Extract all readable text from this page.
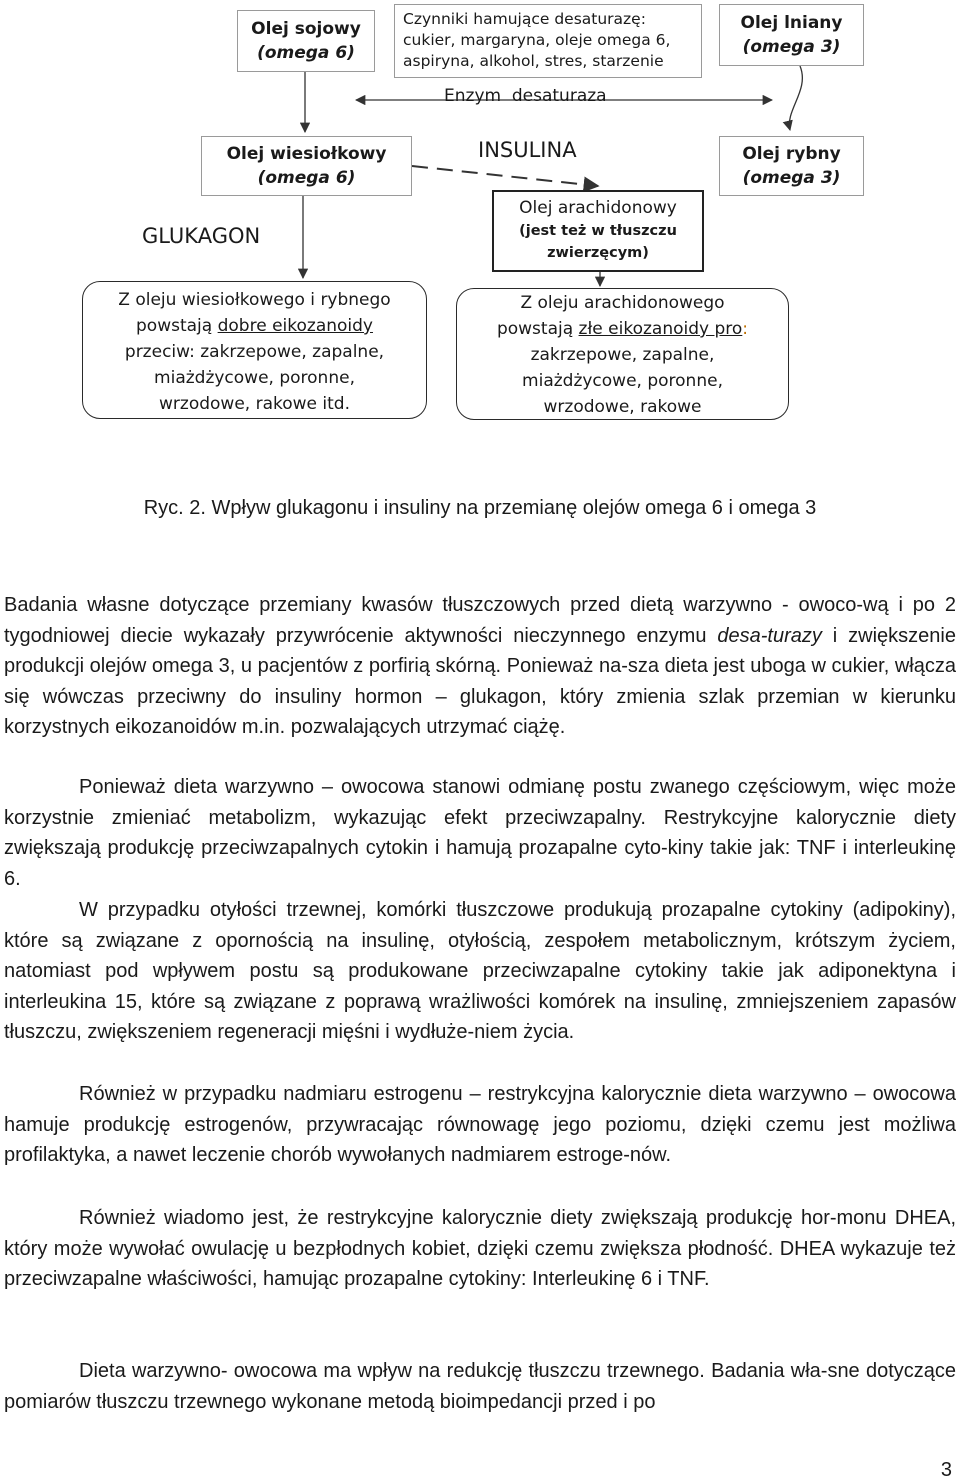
Olej sojowy
(omega 6)
Czynniki hamujące desaturazę:
cukier, margaryna, oleje omega 6,
aspiryna, alkohol, stres, starzenie
Olej lniany
(omega 3)
Enzym  desaturaza
Olej wiesiołkowy
(omega 6)
INSULINA	Olej rybny
(omega 3)
GLUKAGON
Olej arachidonowy
(jest też w tłuszczu
zwierzęcym)
Z oleju wiesiołkowego i rybnego
powstają dobre eikozanoidy
przeciw: zakrzepowe, zapalne,
miażdżycowe, poronne,
wrzodowe, rakowe itd.
Z oleju arachidonowego
powstają złe eikozanoidy pro:
zakrzepowe, zapalne,
miażdżycowe, poronne,
wrzodowe, rakowe
Ryc. 2. Wpływ glukagonu i insuliny na przemianę olejów omega 6 i omega 3

Badania własne dotyczące przemiany kwasów tłuszczowych przed dietą warzywno - owoco-wą i po 2 tygodniowej diecie wykazały przywrócenie aktywności nieczynnego enzymu desa-turazy i zwiększenie produkcji olejów omega 3, u pacjentów z porfirią skórną. Ponieważ na-sza dieta jest uboga w cukier, włącza się wówczas przeciwny do insuliny hormon – glukagon, który zmienia szlak przemian w kierunku korzystnych eikozanoidów m.in. pozwalających utrzymać ciążę.

Ponieważ dieta warzywno – owocowa stanowi odmianę postu zwanego częściowym, więc może korzystnie zmieniać metabolizm, wykazując efekt przeciwzapalny. Restrykcyjne kalorycznie diety zwiększają produkcję przeciwzapalnych cytokin i hamują prozapalne cyto-kiny takie jak: TNF i interleukinę 6.

W przypadku otyłości trzewnej, komórki tłuszczowe produkują prozapalne cytokiny (adipokiny), które są związane z opornością na insulinę, otyłością, zespołem metabolicznym, krótszym życiem, natomiast pod wpływem postu są produkowane przeciwzapalne cytokiny takie jak adiponektyna i interleukina 15, które są związane z poprawą wrażliwości komórek na insulinę, zmniejszeniem zapasów tłuszczu, zwiększeniem regeneracji mięśni i wydłuże-niem życia.

Również w przypadku nadmiaru estrogenu – restrykcyjna kalorycznie dieta warzywno – owocowa hamuje produkcję estrogenów, przywracając równowagę jego poziomu, dzięki czemu jest możliwa profilaktyka, a nawet leczenie chorób wywołanych nadmiarem estroge-nów.

Również wiadomo jest, że restrykcyjne kalorycznie diety zwiększają produkcję hor-monu DHEA, który może wywołać owulację u bezpłodnych kobiet, dzięki czemu zwiększa płodność. DHEA wykazuje też przeciwzapalne właściwości, hamując prozapalne cytokiny: Interleukinę 6 i TNF.

Dieta warzywno- owocowa ma wpływ na redukcję tłuszczu trzewnego. Badania wła-sne dotyczące pomiarów tłuszczu trzewnego wykonane metodą bioimpedancji przed i po

3
